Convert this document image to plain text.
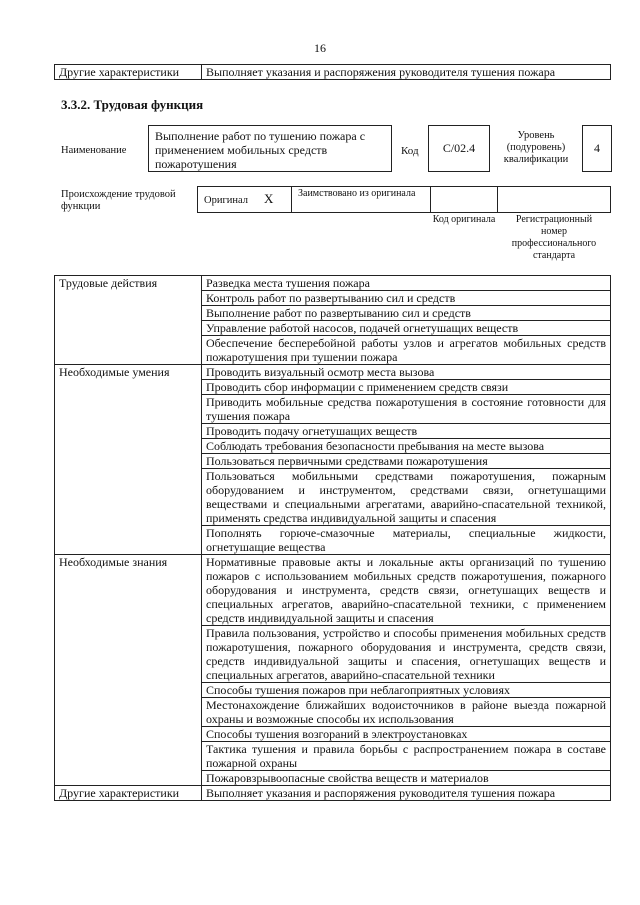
16
Другие характеристики	Выполняет указания и распоряжения руководителя тушения пожара
3.3.2. Трудовая функция
Наименование
Выполнение работ по тушению пожара с применением мобильных средств пожаротушения
Код	C/02.4
Уровень (подуровень) квалификации
4
Происхождение трудовой функции
Оригинал X	Заимствовано из оригинала
Код оригинала	Регистрационный номер профессионального стандарта
Трудовые действия	Разведка места тушения пожара
	Контроль работ по развертыванию сил и средств
	Выполнение работ по развертыванию сил и средств
	Управление работой насосов, подачей огнетушащих веществ
	Обеспечение бесперебойной работы узлов и агрегатов мобильных средств пожаротушения при тушении пожара
Необходимые умения	Проводить визуальный осмотр места вызова
	Проводить сбор информации с применением средств связи
	Приводить мобильные средства пожаротушения в состояние готовности для тушения пожара
	Проводить подачу огнетушащих веществ
	Соблюдать требования безопасности пребывания на месте вызова
	Пользоваться первичными средствами пожаротушения
	Пользоваться мобильными средствами пожаротушения, пожарным оборудованием и инструментом, средствами связи, огнетушащими веществами и специальными агрегатами, аварийно-спасательной техникой, применять средства индивидуальной защиты и спасения
	Пополнять горюче-смазочные материалы, специальные жидкости, огнетушащие вещества
Необходимые знания	Нормативные правовые акты и локальные акты организаций по тушению пожаров с использованием мобильных средств пожаротушения, пожарного оборудования и инструмента, средств связи, огнетушащих веществ и специальных агрегатов, аварийно-спасательной техники, с применением средств индивидуальной защиты и спасения
	Правила пользования, устройство и способы применения мобильных средств пожаротушения, пожарного оборудования и инструмента, средств связи, средств индивидуальной защиты и спасения, огнетушащих веществ и специальных агрегатов, аварийно-спасательной техники
	Способы тушения пожаров при неблагоприятных условиях
	Местонахождение ближайших водоисточников в районе выезда пожарной охраны и возможные способы их использования
	Способы тушения возгораний в электроустановках
	Тактика тушения и правила борьбы с распространением пожара в составе пожарной охраны
	Пожаровзрывоопасные свойства веществ и материалов
Другие характеристики	Выполняет указания и распоряжения руководителя тушения пожара
